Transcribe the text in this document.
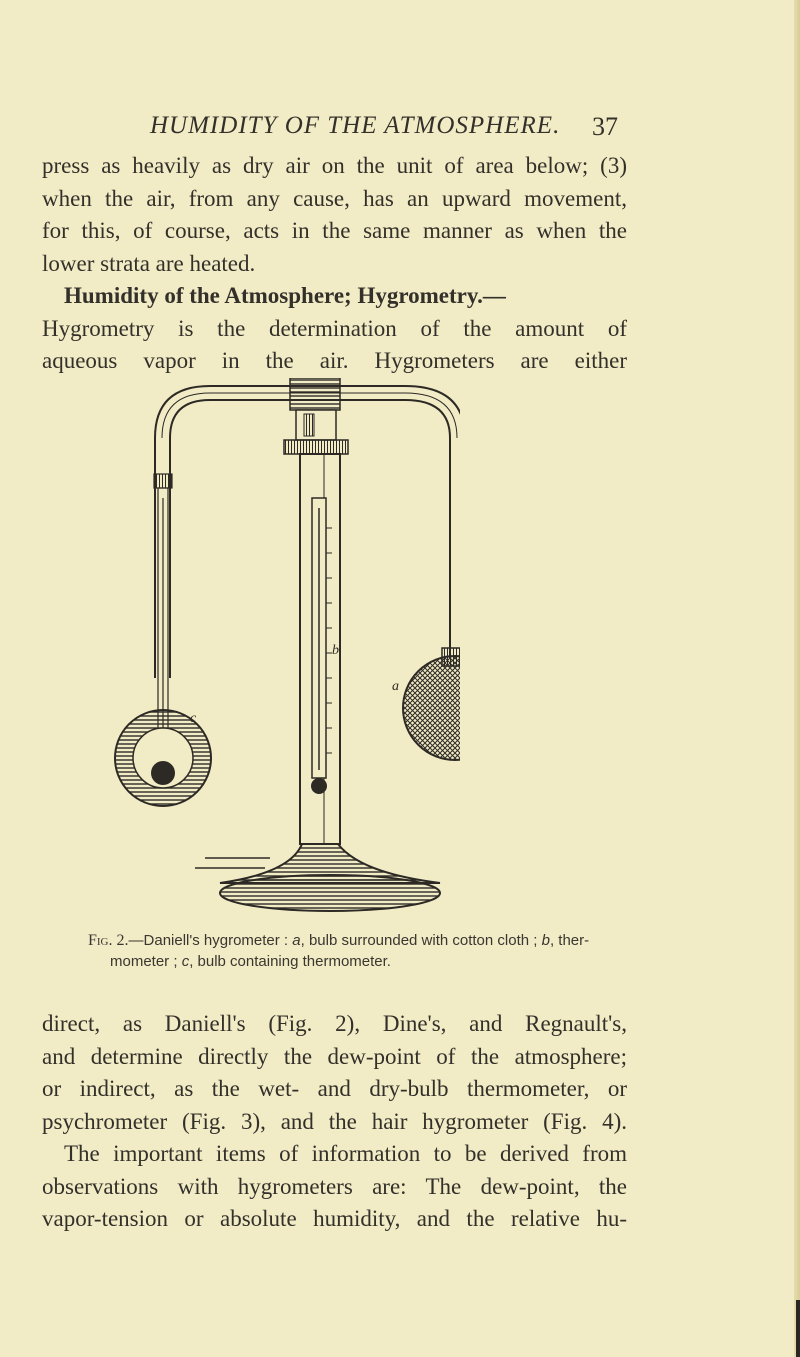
HUMIDITY OF THE ATMOSPHERE. 37
press as heavily as dry air on the unit of area below; (3)
when the air, from any cause, has an upward movement,
for this, of course, acts in the same manner as when the
lower strata are heated.
Humidity of the Atmosphere; Hygrometry.—
Hygrometry is the determination of the amount of
aqueous vapor in the air. Hygrometers are either
b
a
c
Fig. 2.—Daniell's hygrometer : a, bulb surrounded with cotton cloth ; b, ther-
mometer ; c, bulb containing thermometer.
direct, as Daniell's (Fig. 2), Dine's, and Regnault's,
and determine directly the dew-point of the atmosphere;
or indirect, as the wet- and dry-bulb thermometer, or
psychrometer (Fig. 3), and the hair hygrometer (Fig. 4).
The important items of information to be derived from
observations with hygrometers are: The dew-point, the
vapor-tension or absolute humidity, and the relative hu-
